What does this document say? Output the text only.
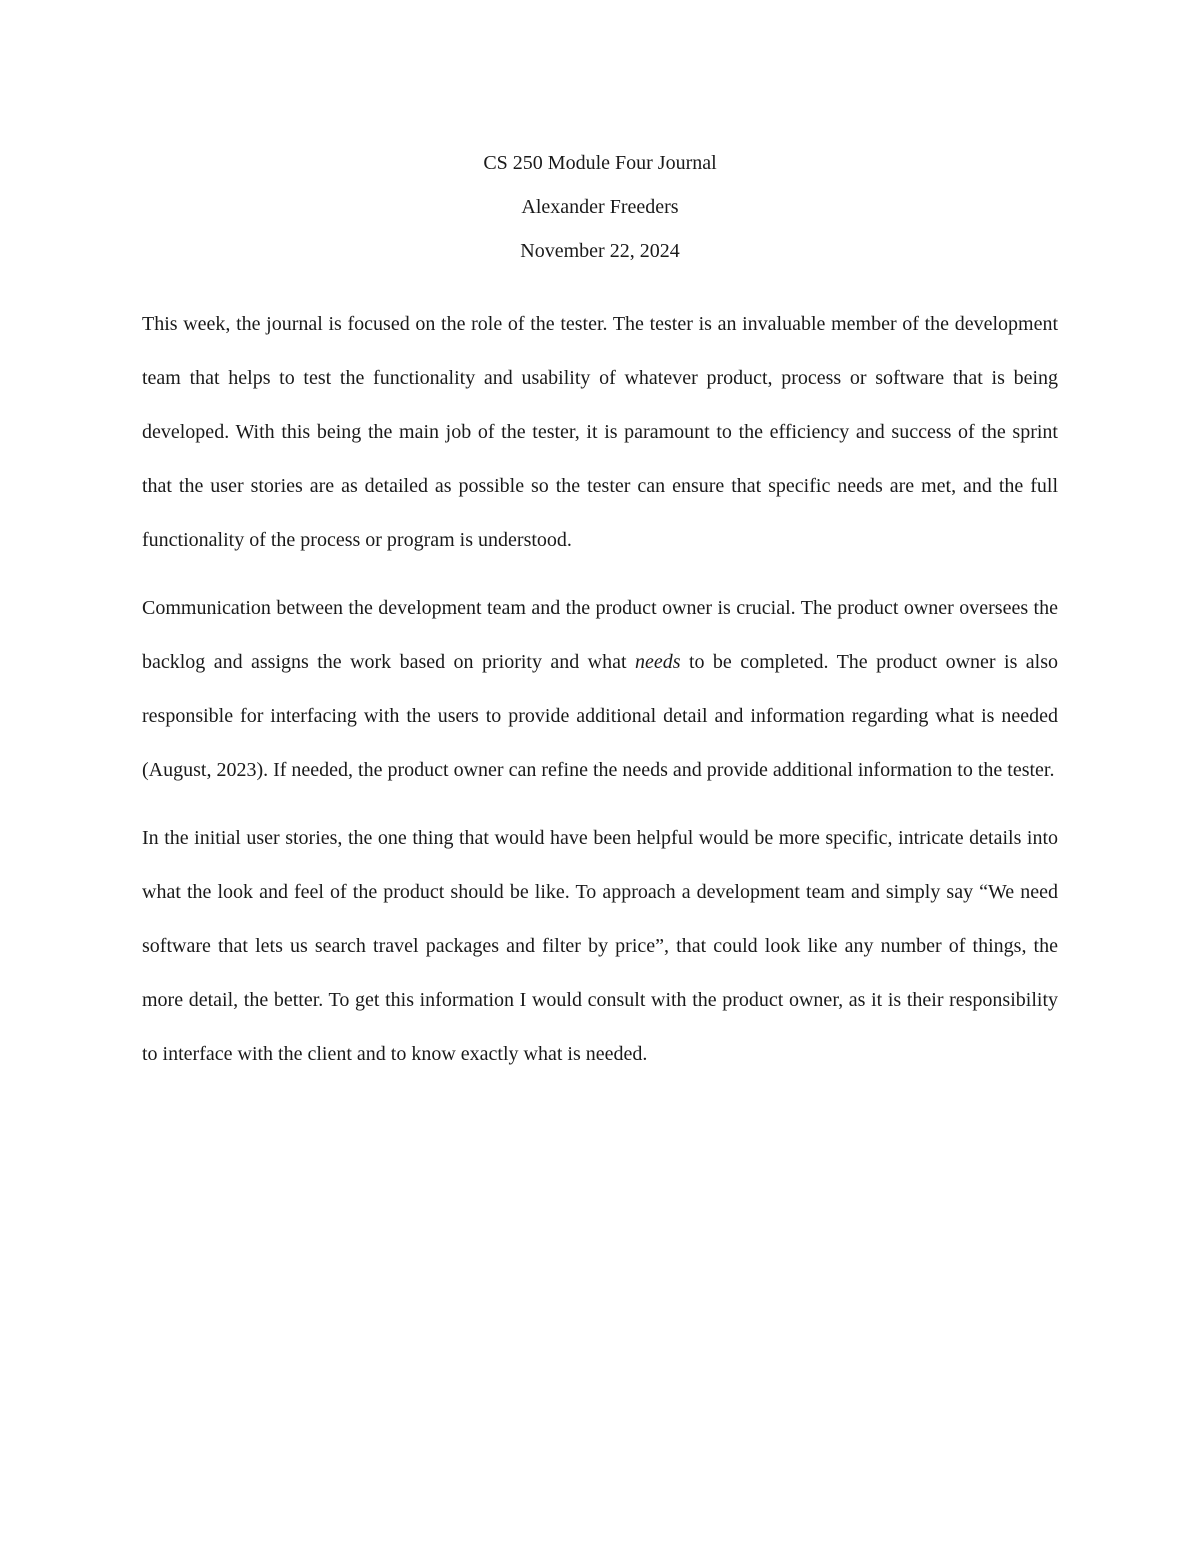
CS 250 Module Four Journal
Alexander Freeders
November 22, 2024

This week, the journal is focused on the role of the tester. The tester is an invaluable member of the development team that helps to test the functionality and usability of whatever product, process or software that is being developed. With this being the main job of the tester, it is paramount to the efficiency and success of the sprint that the user stories are as detailed as possible so the tester can ensure that specific needs are met, and the full functionality of the process or program is understood.

Communication between the development team and the product owner is crucial. The product owner oversees the backlog and assigns the work based on priority and what needs to be completed. The product owner is also responsible for interfacing with the users to provide additional detail and information regarding what is needed (August, 2023). If needed, the product owner can refine the needs and provide additional information to the tester.

In the initial user stories, the one thing that would have been helpful would be more specific, intricate details into what the look and feel of the product should be like. To approach a development team and simply say “We need software that lets us search travel packages and filter by price”, that could look like any number of things, the more detail, the better. To get this information I would consult with the product owner, as it is their responsibility to interface with the client and to know exactly what is needed.
